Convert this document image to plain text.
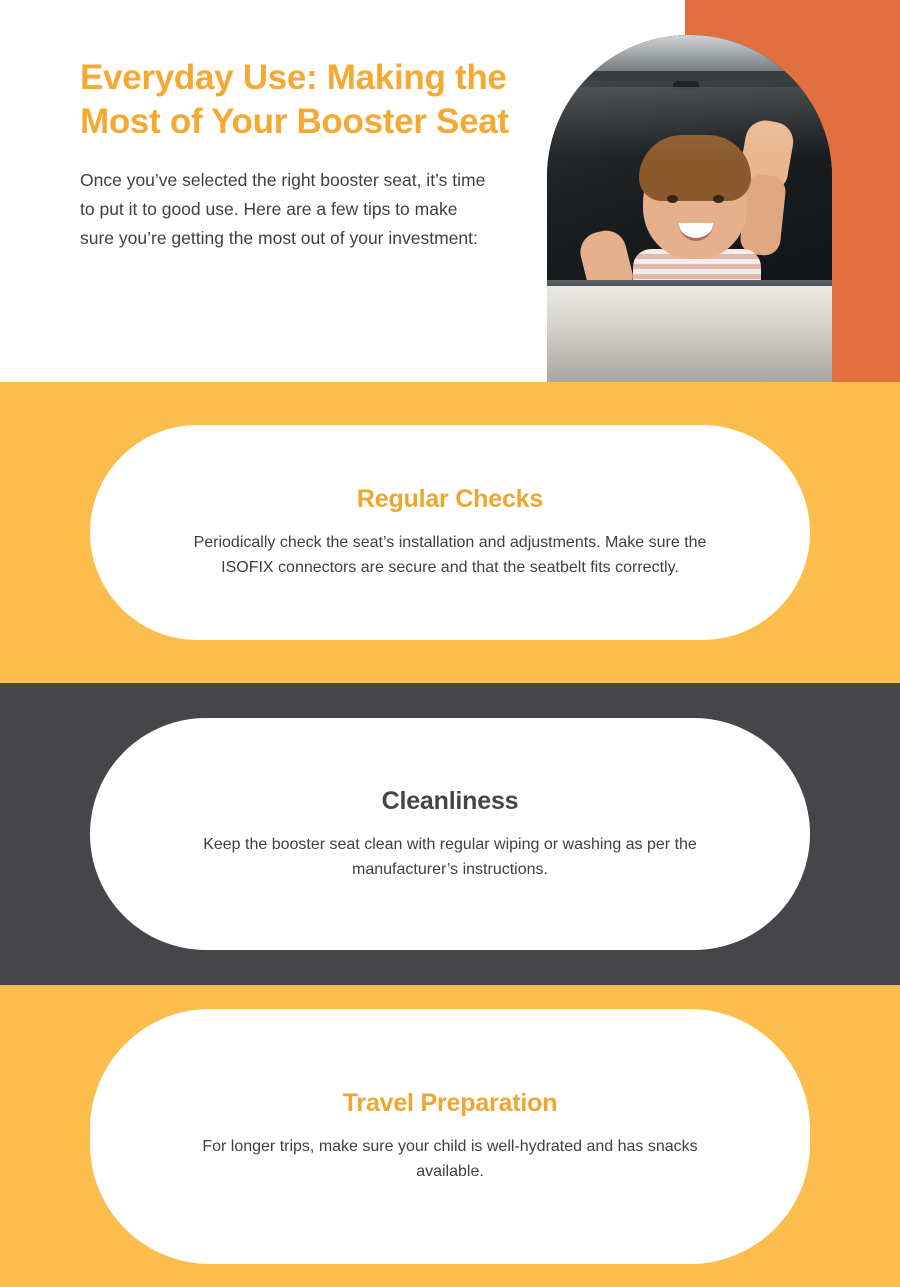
Everyday Use: Making the Most of Your Booster Seat

Once you’ve selected the right booster seat, it’s time to put it to good use. Here are a few tips to make sure you’re getting the most out of your investment:

Regular Checks
Periodically check the seat’s installation and adjustments. Make sure the ISOFIX connectors are secure and that the seatbelt fits correctly.
Cleanliness
Keep the booster seat clean with regular wiping or washing as per the manufacturer’s instructions.
Travel Preparation
For longer trips, make sure your child is well-hydrated and has snacks available.
